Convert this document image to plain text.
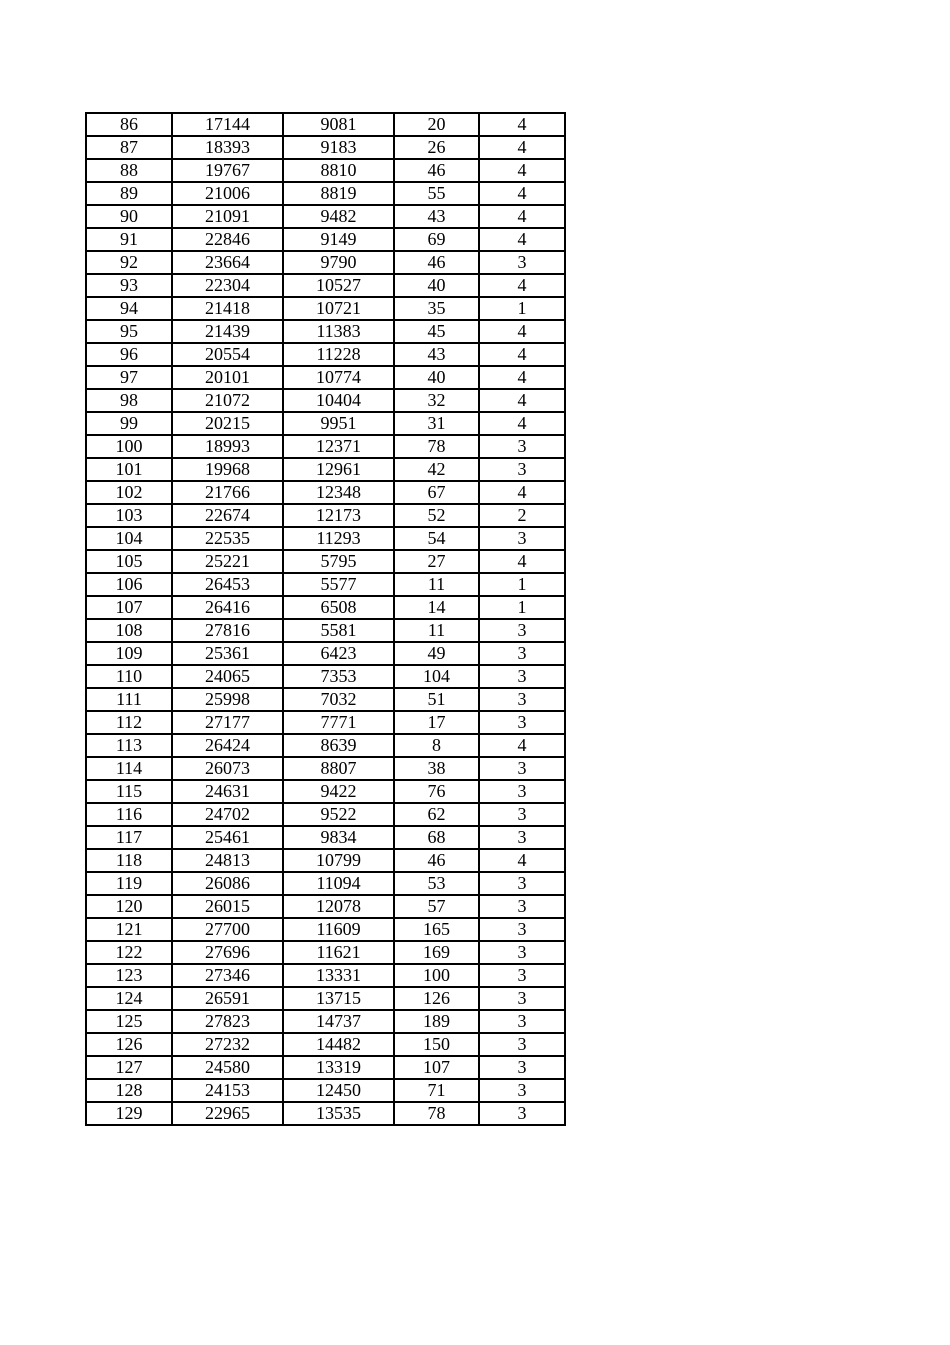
86	17144	9081	20	4
87	18393	9183	26	4
88	19767	8810	46	4
89	21006	8819	55	4
90	21091	9482	43	4
91	22846	9149	69	4
92	23664	9790	46	3
93	22304	10527	40	4
94	21418	10721	35	1
95	21439	11383	45	4
96	20554	11228	43	4
97	20101	10774	40	4
98	21072	10404	32	4
99	20215	9951	31	4
100	18993	12371	78	3
101	19968	12961	42	3
102	21766	12348	67	4
103	22674	12173	52	2
104	22535	11293	54	3
105	25221	5795	27	4
106	26453	5577	11	1
107	26416	6508	14	1
108	27816	5581	11	3
109	25361	6423	49	3
110	24065	7353	104	3
111	25998	7032	51	3
112	27177	7771	17	3
113	26424	8639	8	4
114	26073	8807	38	3
115	24631	9422	76	3
116	24702	9522	62	3
117	25461	9834	68	3
118	24813	10799	46	4
119	26086	11094	53	3
120	26015	12078	57	3
121	27700	11609	165	3
122	27696	11621	169	3
123	27346	13331	100	3
124	26591	13715	126	3
125	27823	14737	189	3
126	27232	14482	150	3
127	24580	13319	107	3
128	24153	12450	71	3
129	22965	13535	78	3
